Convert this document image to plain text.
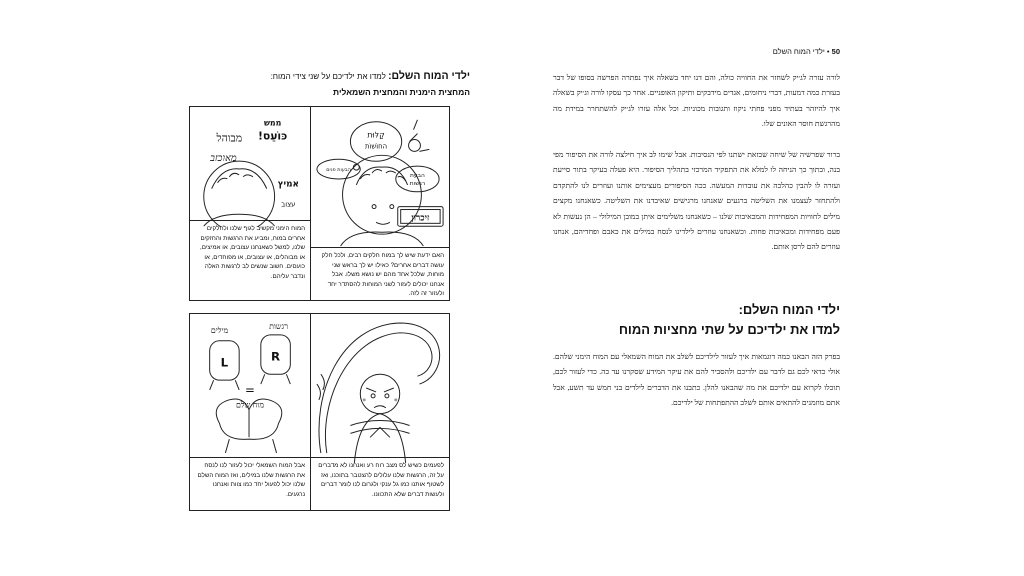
ילדי המוח השלם: למדו את ילדיכם על שני צידי המוח:
המחצית הימנית והמחצית השמאלית
קַלּוּת
החוֹשׁוֹת
הבעת
רגשות
זיכרון
הבעות פנים
האם ידעת שיש לך במוח חלקים רבים, ולכל חלק עושה דברים אחרים? כאילו יש לך בראש שני מוחות, שלכל אחד מהם יש נושא משלו. אבל אנחנו יכולים לעזור לשני המוחות להסתדר יחד ולעזור זה לזה.
ממש
כּוֹעֵס!
מבוהל
מאוכזב
אמיץ
עצוב
המוח הימני מקשיב לגוף שלנו ולחלקים אחרים במוח, ומביע את הרגשות והחזקים שלנו, למשל כשאנחנו עצובים, או אמיצים, או מבוהלים, או עצובים, או מפוחדים, או כועסים. חשוב שנשים לב לרגשות האלה ונדבר עליהם.
לפעמים כשיש לס מצב רוח רע ואנחנו לא מדברים על זה, הרגשות שלנו עלולים להצטבר בתוכנו, ואז לשטוף אותנו כמו גל ענקי ולגרום לנו לומר דברים ולעשות דברים שלא התכוונו.
מילים	רגשות
L	R
=
מוח שלם
אבל המוח השמאלי יכול לעזור לנו לנסח את הרגשות שלנו במילים, ואז המוח השלם שלנו יכול לפעול יחד כמו צוות ואנחנו נרגעים.
50 • ילדי המוח השלם
לורה עזרה לג׳יק לשחזר את החוויה כולה, והם דנו יחד בשאלה איך נפתרה הפרשה בסופו של דבר בעזרת כמה דמעות, דברי ניחומים, אגדים מידבקים ותיקון האופניים. אחר כך עסקו לורה וג׳יק בשאלה איך להיזהר בעתיד מפני פחתי ניקוז ותגובות מכוניות. וכל אלה עזרו לג׳יק להשתחרר במידת מה מהרגשת חוסר האונים שלו.
ברור שפרשיה של שיחה שכזאת ישתנו לפי הנסיבות. אבל שימו לב איך חילצה לורה את הסיפור מפי בנה, ובתוך כך הניחה לו למלא את התפקיד המרכזי בתהליך הסיפור. היא פעלה בעיקר בתור סייעת ועזרה לו להבין כהלכה את עובדות המעשה. ככה הסיפורים מעצימים אותנו ועוזרים לנו להתקדם ולהתחזר לעצמנו את השליטה ברגעים שאנחנו מרגישים שאיבדנו את השליטה. כשאנחנו מקצים מילים לחוויות המפחידות והמכאיבות שלנו – כשאנחנו משלימים איתן במובן המילולי – הן נעשות לא פעם מפחידות ומכאיבות פחות. וכשאנחנו עוזרים לילדינו לנסח במילים את כאבם ופחדיהם, אנחנו עוזרים להם לרסן אותם.
ילדי המוח השלם:
למדו את ילדיכם על שתי מחציות המוח
בפרק הזה הבאנו כמה דוגמאות איך לעזור לילדיכם לשלב את המוח השמאלי עם המוח הימני שלהם. אולי כדאי לכם גם לדבר עם ילדיכם ולהסביר להם את עיקר המידע שסקרנו עד כה. כדי לעזור לכם, תוכלו לקרוא עם ילדיכם את מה שהבאנו להלן. כתבנו את הדברים לילדים בני חמש עד תשע, אבל אתם מוזמנים להתאים אותם לשלב ההתפתחות של ילדיכם.
